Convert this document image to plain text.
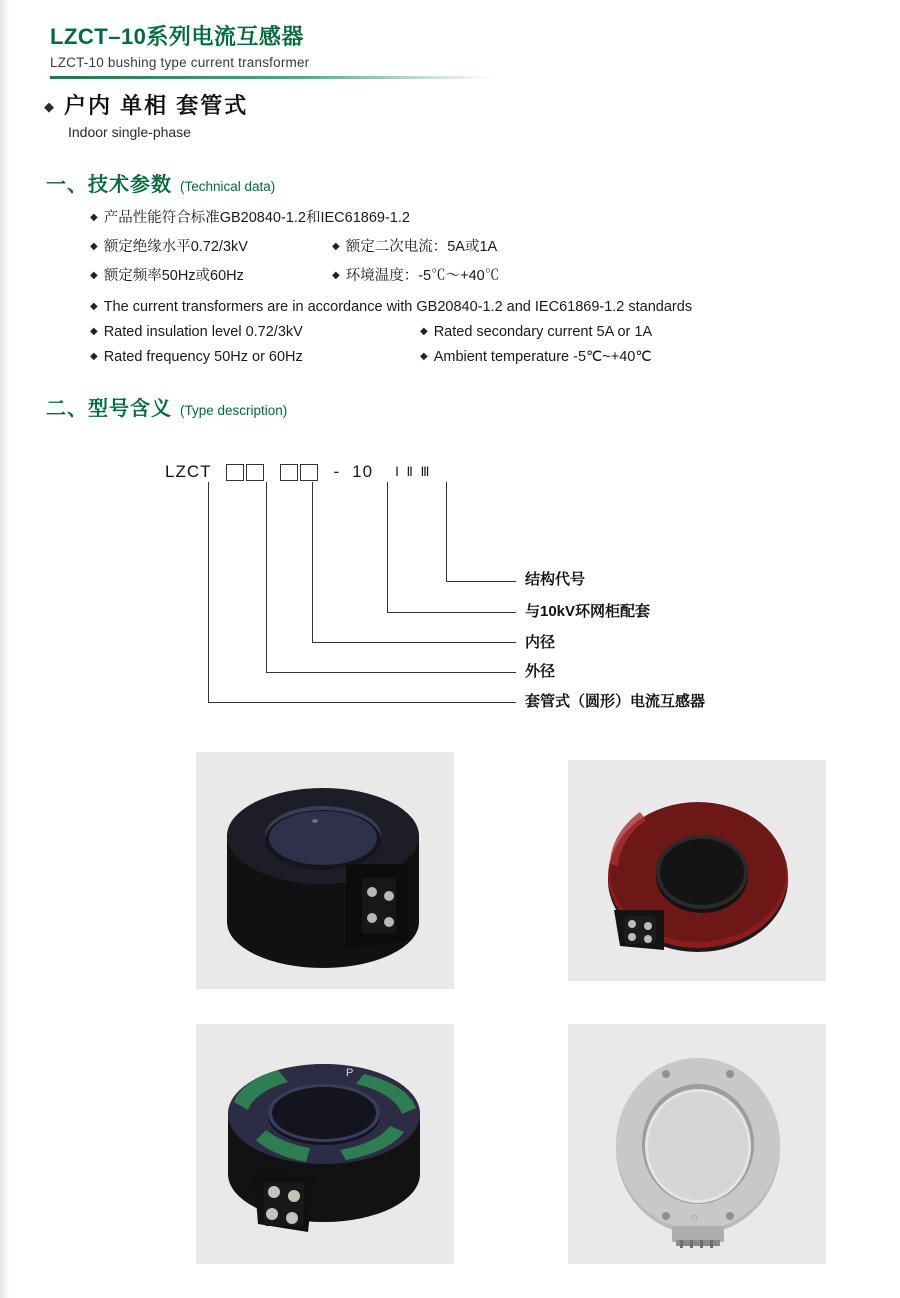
LZCT–10系列电流互感器
LZCT-10 bushing type current transformer
◆ 户内 单相 套管式
Indoor single-phase
一、 技术参数 (Technical data)
◆ 产品性能符合标准GB20840-1.2和IEC61869-1.2
◆ 额定绝缘水平0.72/3kV	◆ 额定二次电流：5A或1A
◆ 额定频率50Hz或60Hz	◆ 环境温度：-5℃～+40℃
◆ The current transformers are in accordance with GB20840-1.2 and IEC61869-1.2 standards
◆ Rated insulation level 0.72/3kV	◆ Rated secondary current 5A or 1A
◆ Rated frequency 50Hz or 60Hz	◆ Ambient temperature -5℃~+40℃
二、 型号含义 (Type description)
LZCT	- 10 Ⅰ Ⅱ Ⅲ
结构代号
与10kV环网柜配套
内径
外径
套管式（圆形）电流互感器
P
□
